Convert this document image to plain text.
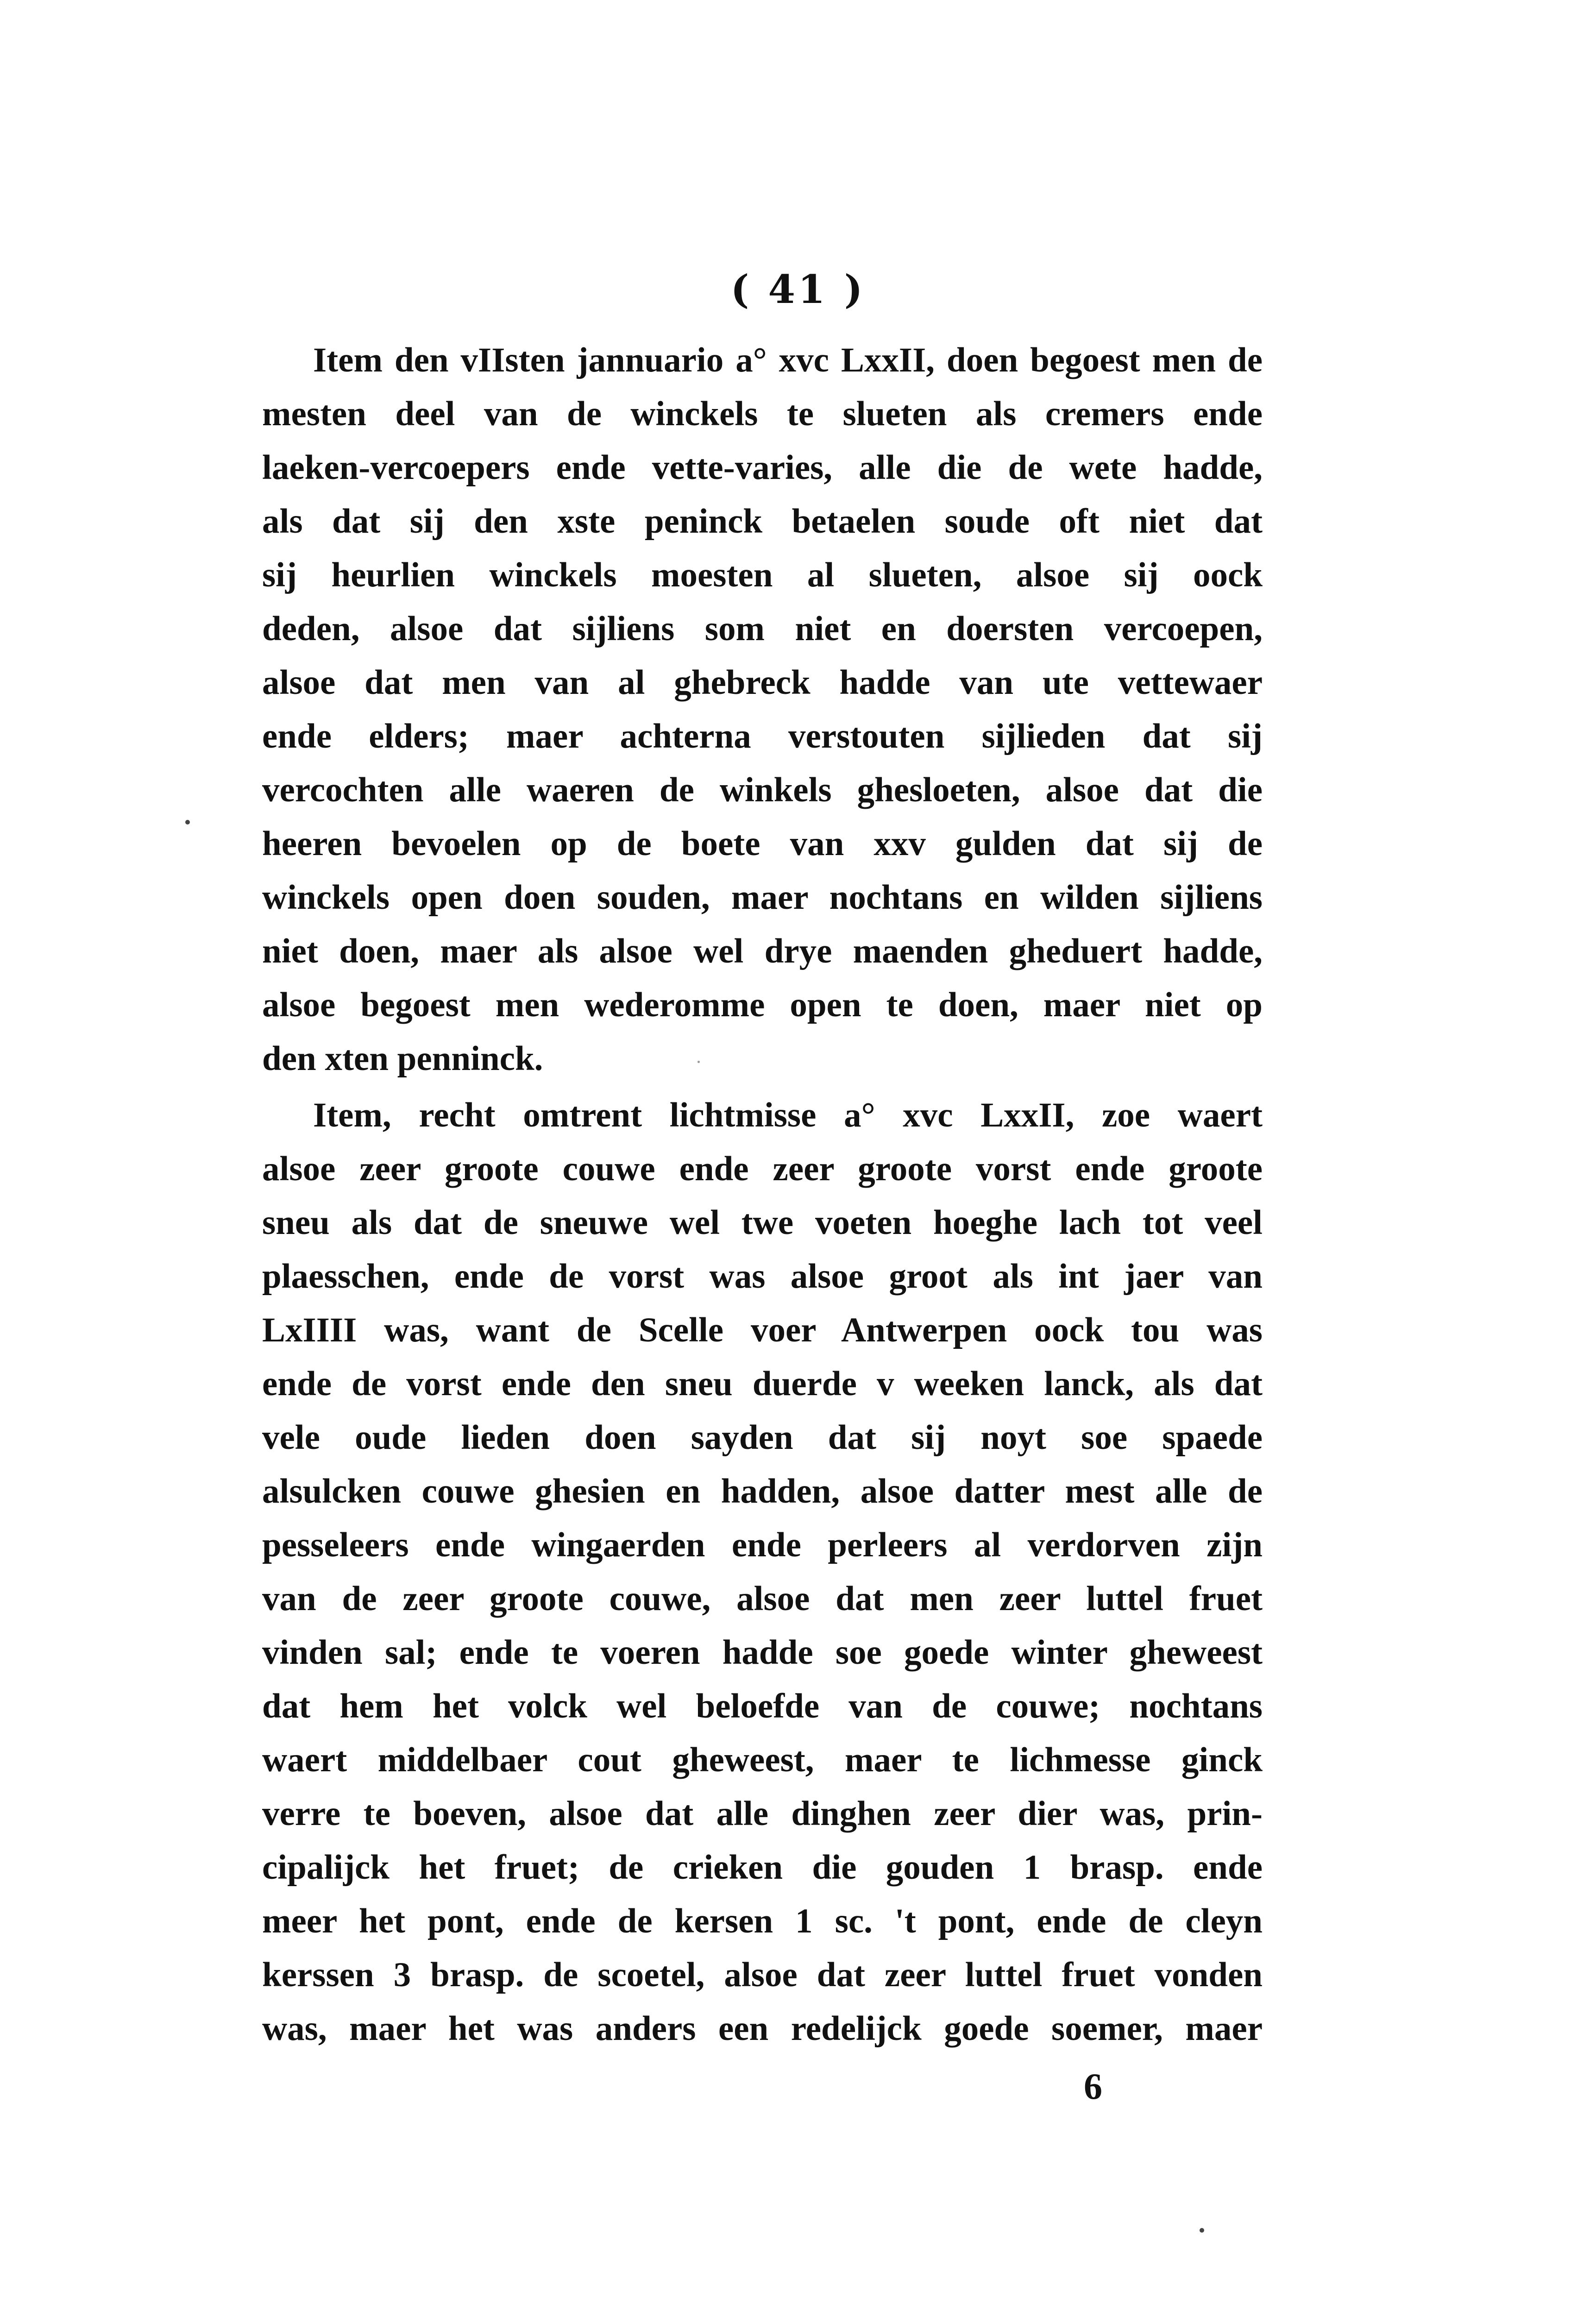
( 41 )
Item den vIIsten jannuario a° xvc LxxII, doen begoest men de
mesten deel van de winckels te slueten als cremers ende
laeken-vercoepers ende vette-varies, alle die de wete hadde,
als dat sij den xste peninck betaelen soude oft niet dat
sij heurlien winckels moesten al slueten, alsoe sij oock
deden, alsoe dat sijliens som niet en doersten vercoepen,
alsoe dat men van al ghebreck hadde van ute vettewaer
ende elders; maer achterna verstouten sijlieden dat sij
vercochten alle waeren de winkels ghesloeten, alsoe dat die
heeren bevoelen op de boete van xxv gulden dat sij de
winckels open doen souden, maer nochtans en wilden sijliens
niet doen, maer als alsoe wel drye maenden gheduert hadde,
alsoe begoest men wederomme open te doen, maer niet op
den xten penninck.
Item, recht omtrent lichtmisse a° xvc LxxII, zoe waert
alsoe zeer groote couwe ende zeer groote vorst ende groote
sneu als dat de sneuwe wel twe voeten hoeghe lach tot veel
plaesschen, ende de vorst was alsoe groot als int jaer van
LxIIII was, want de Scelle voer Antwerpen oock tou was
ende de vorst ende den sneu duerde v weeken lanck, als dat
vele oude lieden doen sayden dat sij noyt soe spaede
alsulcken couwe ghesien en hadden, alsoe datter mest alle de
pesseleers ende wingaerden ende perleers al verdorven zijn
van de zeer groote couwe, alsoe dat men zeer luttel fruet
vinden sal; ende te voeren hadde soe goede winter gheweest
dat hem het volck wel beloefde van de couwe; nochtans
waert middelbaer cout gheweest, maer te lichmesse ginck
verre te boeven, alsoe dat alle dinghen zeer dier was, prin-
cipalijck het fruet; de crieken die gouden 1 brasp. ende
meer het pont, ende de kersen 1 sc. 't pont, ende de cleyn
kerssen 3 brasp. de scoetel, alsoe dat zeer luttel fruet vonden
was, maer het was anders een redelijck goede soemer, maer
6
